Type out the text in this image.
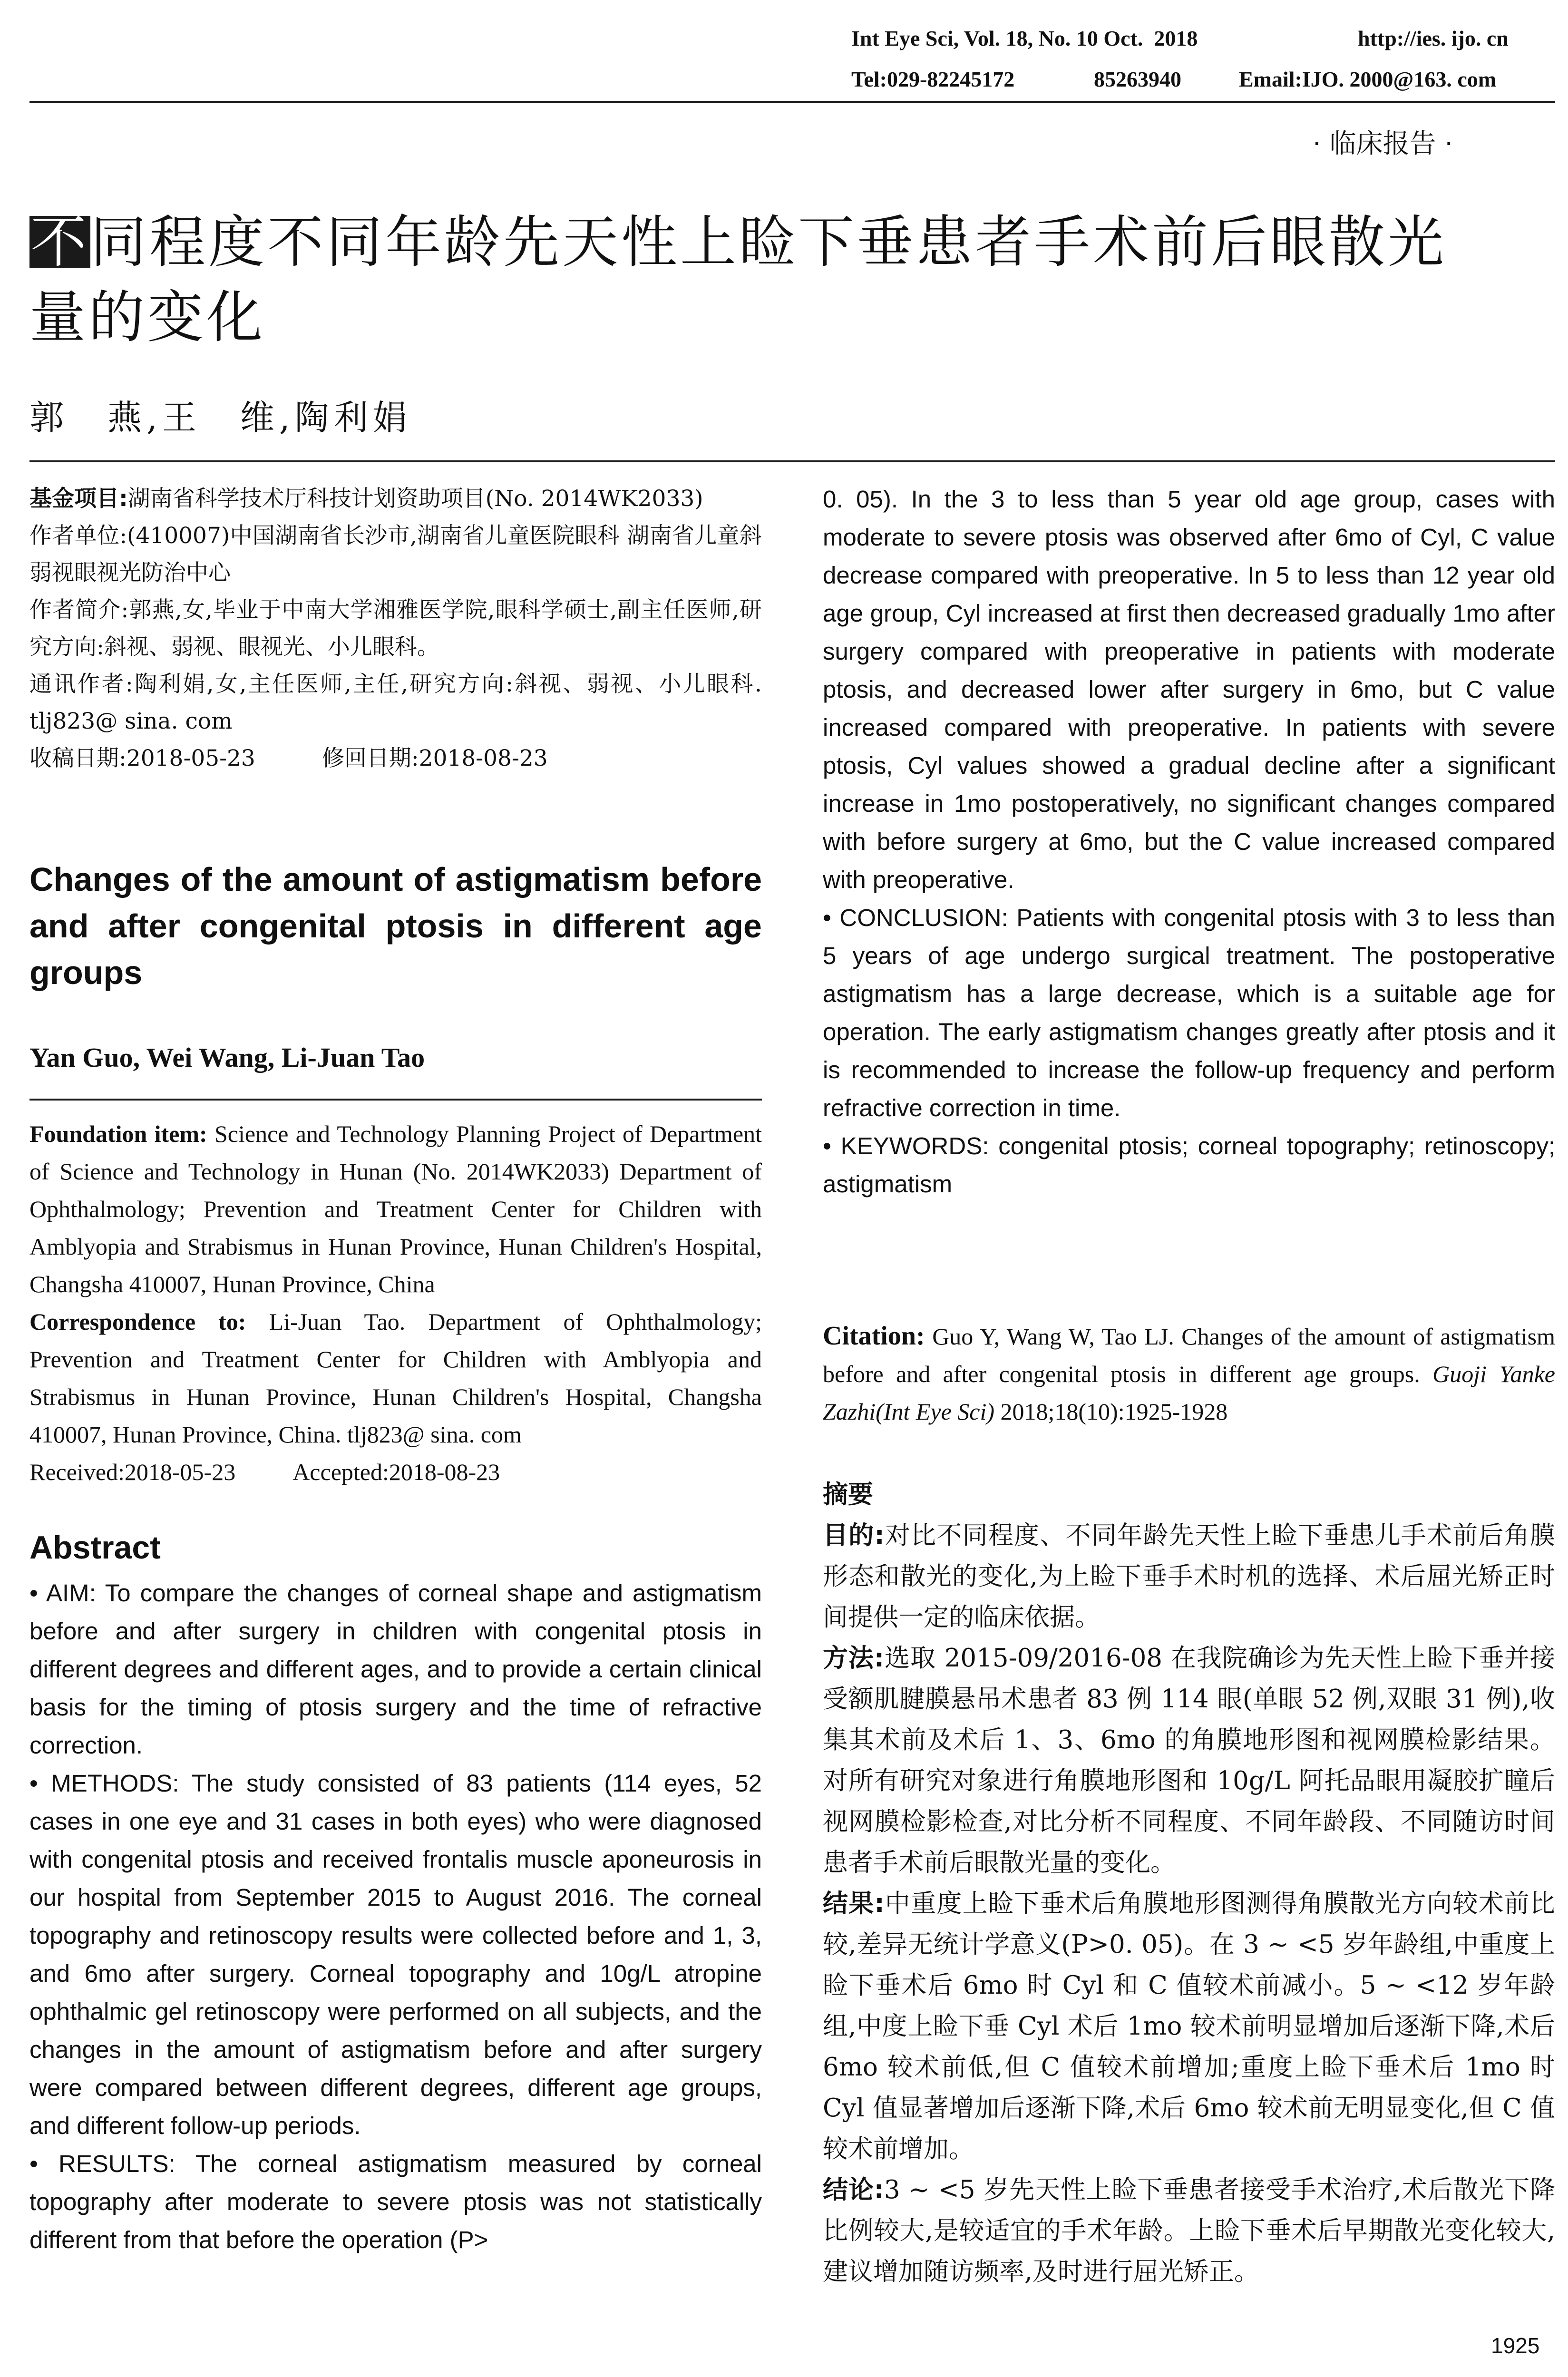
Int Eye Sci, Vol. 18, No. 10 Oct.  2018	http://ies. ijo. cn
Tel:029-82245172	85263940	Email:IJO. 2000@163. com
· 临床报告 ·
不同程度不同年龄先天性上睑下垂患者手术前后眼散光
量的变化
郭　燕,王　维,陶利娟

基金项目:湖南省科学技术厅科技计划资助项目(No. 2014WK2033)

作者单位:(410007)中国湖南省长沙市,湖南省儿童医院眼科 湖南省儿童斜弱视眼视光防治中心

作者简介:郭燕,女,毕业于中南大学湘雅医学院,眼科学硕士,副主任医师,研究方向:斜视、弱视、眼视光、小儿眼科。

通讯作者:陶利娟,女,主任医师,主任,研究方向:斜视、弱视、小儿眼科. tlj823@ sina. com

收稿日期:2018-05-23	修回日期:2018-08-23

Changes of the amount of astigmatism before and after congenital ptosis in different age groups
Yan Guo, Wei Wang, Li-Juan Tao

Foundation item: Science and Technology Planning Project of Department of Science and Technology in Hunan (No. 2014WK2033) Department of Ophthalmology; Prevention and Treatment Center for Children with Amblyopia and Strabismus in Hunan Province, Hunan Children's Hospital, Changsha 410007, Hunan Province, China

Correspondence to: Li-Juan Tao. Department of Ophthalmology; Prevention and Treatment Center for Children with Amblyopia and Strabismus in Hunan Province, Hunan Children's Hospital, Changsha 410007, Hunan Province, China. tlj823@ sina. com

Received:2018-05-23 Accepted:2018-08-23

Abstract

• AIM: To compare the changes of corneal shape and astigmatism before and after surgery in children with congenital ptosis in different degrees and different ages, and to provide a certain clinical basis for the timing of ptosis surgery and the time of refractive correction.

• METHODS: The study consisted of 83 patients (114 eyes, 52 cases in one eye and 31 cases in both eyes) who were diagnosed with congenital ptosis and received frontalis muscle aponeurosis in our hospital from September 2015 to August 2016. The corneal topography and retinoscopy results were collected before and 1, 3, and 6mo after surgery. Corneal topography and 10g/L atropine ophthalmic gel retinoscopy were performed on all subjects, and the changes in the amount of astigmatism before and after surgery were compared between different degrees, different age groups, and different follow-up periods.

• RESULTS: The corneal astigmatism measured by corneal topography after moderate to severe ptosis was not statistically different from that before the operation (P>

0. 05). In the 3 to less than 5 year old age group, cases with moderate to severe ptosis was observed after 6mo of Cyl, C value decrease compared with preoperative. In 5 to less than 12 year old age group, Cyl increased at first then decreased gradually 1mo after surgery compared with preoperative in patients with moderate ptosis, and decreased lower after surgery in 6mo, but C value increased compared with preoperative. In patients with severe ptosis, Cyl values showed a gradual decline after a significant increase in 1mo postoperatively, no significant changes compared with before surgery at 6mo, but the C value increased compared with preoperative.

• CONCLUSION: Patients with congenital ptosis with 3 to less than 5 years of age undergo surgical treatment. The postoperative astigmatism has a large decrease, which is a suitable age for operation. The early astigmatism changes greatly after ptosis and it is recommended to increase the follow-up frequency and perform refractive correction in time.

• KEYWORDS: congenital ptosis; corneal topography; retinoscopy; astigmatism

Citation: Guo Y, Wang W, Tao LJ. Changes of the amount of astigmatism before and after congenital ptosis in different age groups. Guoji Yanke Zazhi(Int Eye Sci) 2018;18(10):1925-1928

摘要

目的:对比不同程度、不同年龄先天性上睑下垂患儿手术前后角膜形态和散光的变化,为上睑下垂手术时机的选择、术后屈光矫正时间提供一定的临床依据。

方法:选取 2015-09/2016-08 在我院确诊为先天性上睑下垂并接受额肌腱膜悬吊术患者 83 例 114 眼(单眼 52 例,双眼 31 例),收集其术前及术后 1、3、6mo 的角膜地形图和视网膜检影结果。对所有研究对象进行角膜地形图和 10g/L 阿托品眼用凝胶扩瞳后视网膜检影检查,对比分析不同程度、不同年龄段、不同随访时间患者手术前后眼散光量的变化。

结果:中重度上睑下垂术后角膜地形图测得角膜散光方向较术前比较,差异无统计学意义(P>0. 05)。在 3 ~ <5 岁年龄组,中重度上睑下垂术后 6mo 时 Cyl 和 C 值较术前减小。5 ~ <12 岁年龄组,中度上睑下垂 Cyl 术后 1mo 较术前明显增加后逐渐下降,术后 6mo 较术前低,但 C 值较术前增加;重度上睑下垂术后 1mo 时 Cyl 值显著增加后逐渐下降,术后 6mo 较术前无明显变化,但 C 值较术前增加。

结论:3 ~ <5 岁先天性上睑下垂患者接受手术治疗,术后散光下降比例较大,是较适宜的手术年龄。上睑下垂术后早期散光变化较大,建议增加随访频率,及时进行屈光矫正。

1925
